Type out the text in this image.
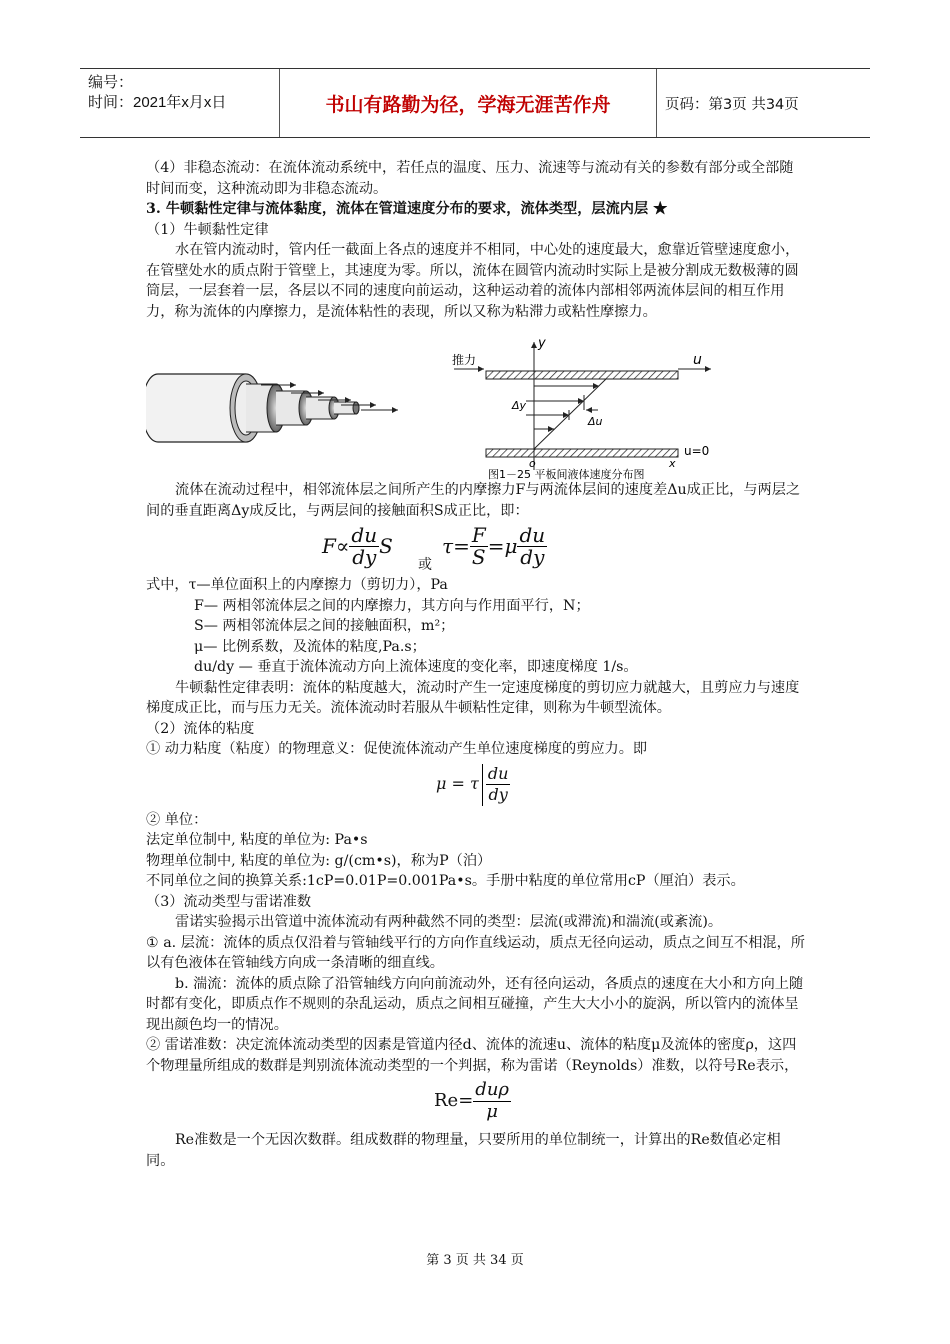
编号：
时间：2021年x月x日	书山有路勤为径，学海无涯苦作舟	页码：第3页 共34页

（4）非稳态流动：在流体流动系统中，若任点的温度、压力、流速等与流动有关的参数有部分或全部随时间而变，这种流动即为非稳态流动。

3. 牛顿黏性定律与流体黏度，流体在管道速度分布的要求，流体类型，层流内层 ★

（1）牛顿黏性定律

水在管内流动时，管内任一截面上各点的速度并不相同，中心处的速度最大，愈靠近管壁速度愈小，在管壁处水的质点附于管壁上，其速度为零。所以，流体在圆管内流动时实际上是被分割成无数极薄的圆筒层，一层套着一层，各层以不同的速度向前运动，这种运动着的流体内部相邻两流体层间的相互作用力，称为流体的内摩擦力，是流体粘性的表现，所以又称为粘滞力或粘性摩擦力。

推力
y
u
Δy
Δu
u=0
o	x
图1－25 平板间液体速度分布图

流体在流动过程中，相邻流体层之间所产生的内摩擦力F与两流体层间的速度差Δu成正比，与两层之间的垂直距离Δy成反比，与两层间的接触面积S成正比，即：

$F\propto \frac{du}{dy}$ S
或
$\tau= \frac{F}{S} =\mu \frac{du}{dy}$

式中，τ—单位面积上的内摩擦力（剪切力），Pa

F— 两相邻流体层之间的内摩擦力，其方向与作用面平行，N；

S— 两相邻流体层之间的接触面积，m²；

μ— 比例系数，及流体的粘度,Pa.s；

du/dy — 垂直于流体流动方向上流体速度的变化率，即速度梯度 1/s。

牛顿黏性定律表明：流体的粘度越大，流动时产生一定速度梯度的剪切应力就越大，且剪应力与速度梯度成正比，而与压力无关。流体流动时若服从牛顿粘性定律，则称为牛顿型流体。

（2）流体的粘度

① 动力粘度（粘度）的物理意义：促使流体流动产生单位速度梯度的剪应力。即

μ = τ $\frac{du}{dy}$

② 单位：

法定单位制中, 粘度的单位为: Pa•s

物理单位制中, 粘度的单位为: g/(cm•s)，称为P（泊）

不同单位之间的换算关系:1cP=0.01P=0.001Pa•s。手册中粘度的单位常用cP（厘泊）表示。

（3）流动类型与雷诺准数

雷诺实验揭示出管道中流体流动有两种截然不同的类型：层流(或滞流)和湍流(或紊流)。

① a. 层流：流体的质点仅沿着与管轴线平行的方向作直线运动，质点无径向运动，质点之间互不相混，所以有色液体在管轴线方向成一条清晰的细直线。

b. 湍流：流体的质点除了沿管轴线方向向前流动外，还有径向运动，各质点的速度在大小和方向上随时都有变化，即质点作不规则的杂乱运动，质点之间相互碰撞，产生大大小小的旋涡，所以管内的流体呈现出颜色均一的情况。

② 雷诺准数：决定流体流动类型的因素是管道内径d、流体的流速u、流体的粘度μ及流体的密度ρ，这四个物理量所组成的数群是判别流体流动类型的一个判据，称为雷诺（Reynolds）准数，以符号Re表示，

$Re= \frac{\text{duρ}}{\mu}$

Re准数是一个无因次数群。组成数群的物理量，只要所用的单位制统一，计算出的Re数值必定相同。

第 3 页 共 34 页
